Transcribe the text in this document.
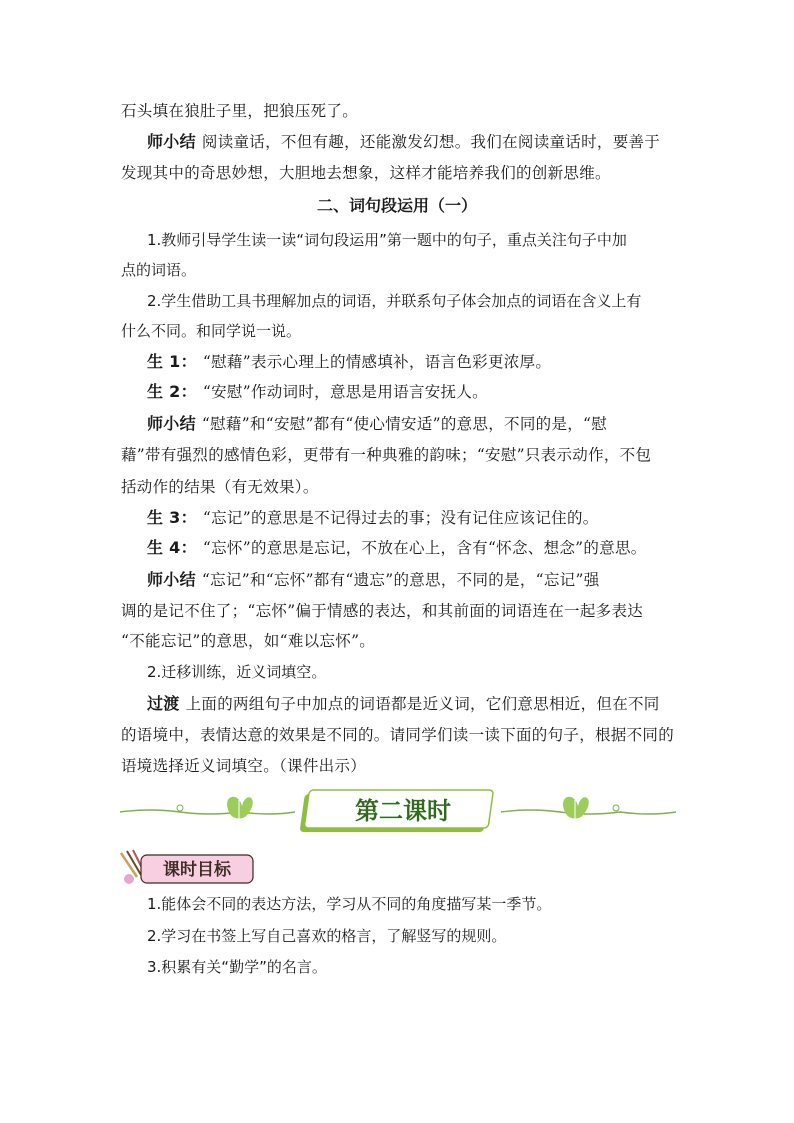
石头填在狼肚子里，把狼压死了。
师小结 阅读童话，不但有趣，还能激发幻想。我们在阅读童话时，要善于
发现其中的奇思妙想，大胆地去想象，这样才能培养我们的创新思维。
二、词句段运用（一）
1.教师引导学生读一读“词句段运用”第一题中的句子，重点关注句子中加
点的词语。
2.学生借助工具书理解加点的词语，并联系句子体会加点的词语在含义上有
什么不同。和同学说一说。
生 1： “慰藉”表示心理上的情感填补，语言色彩更浓厚。
生 2： “安慰”作动词时，意思是用语言安抚人。
师小结 “慰藉”和“安慰”都有“使心情安适”的意思，不同的是，“慰
藉”带有强烈的感情色彩，更带有一种典雅的韵味；“安慰”只表示动作，不包
括动作的结果（有无效果）。
生 3： “忘记”的意思是不记得过去的事；没有记住应该记住的。
生 4： “忘怀”的意思是忘记，不放在心上，含有“怀念、想念”的意思。
师小结 “忘记”和“忘怀”都有“遗忘”的意思，不同的是，“忘记”强
调的是记不住了；“忘怀”偏于情感的表达，和其前面的词语连在一起多表达
“不能忘记”的意思，如“难以忘怀”。
2.迁移训练，近义词填空。
过渡 上面的两组句子中加点的词语都是近义词，它们意思相近，但在不同
的语境中，表情达意的效果是不同的。请同学们读一读下面的句子，根据不同的
语境选择近义词填空。（课件出示）
第二课时
课时目标
1.能体会不同的表达方法，学习从不同的角度描写某一季节。
2.学习在书签上写自己喜欢的格言，了解竖写的规则。
3.积累有关“勤学”的名言。
